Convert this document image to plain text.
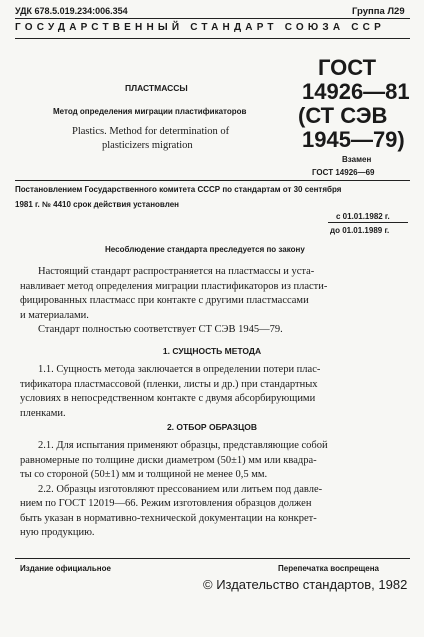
УДК 678.5.019.234:006.354	Группа Л29
ГОСУДАРСТВЕННЫЙ СТАНДАРТ СОЮЗА ССР
ПЛАСТМАССЫ
Метод определения миграции пластификаторов
Plastics. Method for determination of
plasticizers migration
ГОСТ
14926—81
(СТ СЭВ
1945—79)
Взамен
ГОСТ 14926—69
Постановлением Государственного комитета СССР по стандартам от 30 сентября
1981 г. № 4410 срок действия установлен
с 01.01.1982 г.
до 01.01.1989 г.
Несоблюдение стандарта преследуется по закону
Настоящий стандарт распространяется на пластмассы и уста-
навливает метод определения миграции пластификаторов из пласти-
фицированных пластмасс при контакте с другими пластмассами
и материалами.
Стандарт полностью соответствует СТ СЭВ 1945—79.
1. СУЩНОСТЬ МЕТОДА
1.1. Сущность метода заключается в определении потери плас-
тификатора пластмассовой (пленки, листы и др.) при стандартных
условиях в непосредственном контакте с двумя абсорбирующими
пленками.
2. ОТБОР ОБРАЗЦОВ
2.1. Для испытания применяют образцы, представляющие собой
равномерные по толщине диски диаметром (50±1) мм или квадра-
ты со стороной (50±1) мм и толщиной не менее 0,5 мм.
2.2. Образцы изготовляют прессованием или литьем под давле-
нием по ГОСТ 12019—66. Режим изготовления образцов должен
быть указан в нормативно-технической документации на конкрет-
ную продукцию.
Издание официальное	Перепечатка воспрещена
© Издательство стандартов, 1982
